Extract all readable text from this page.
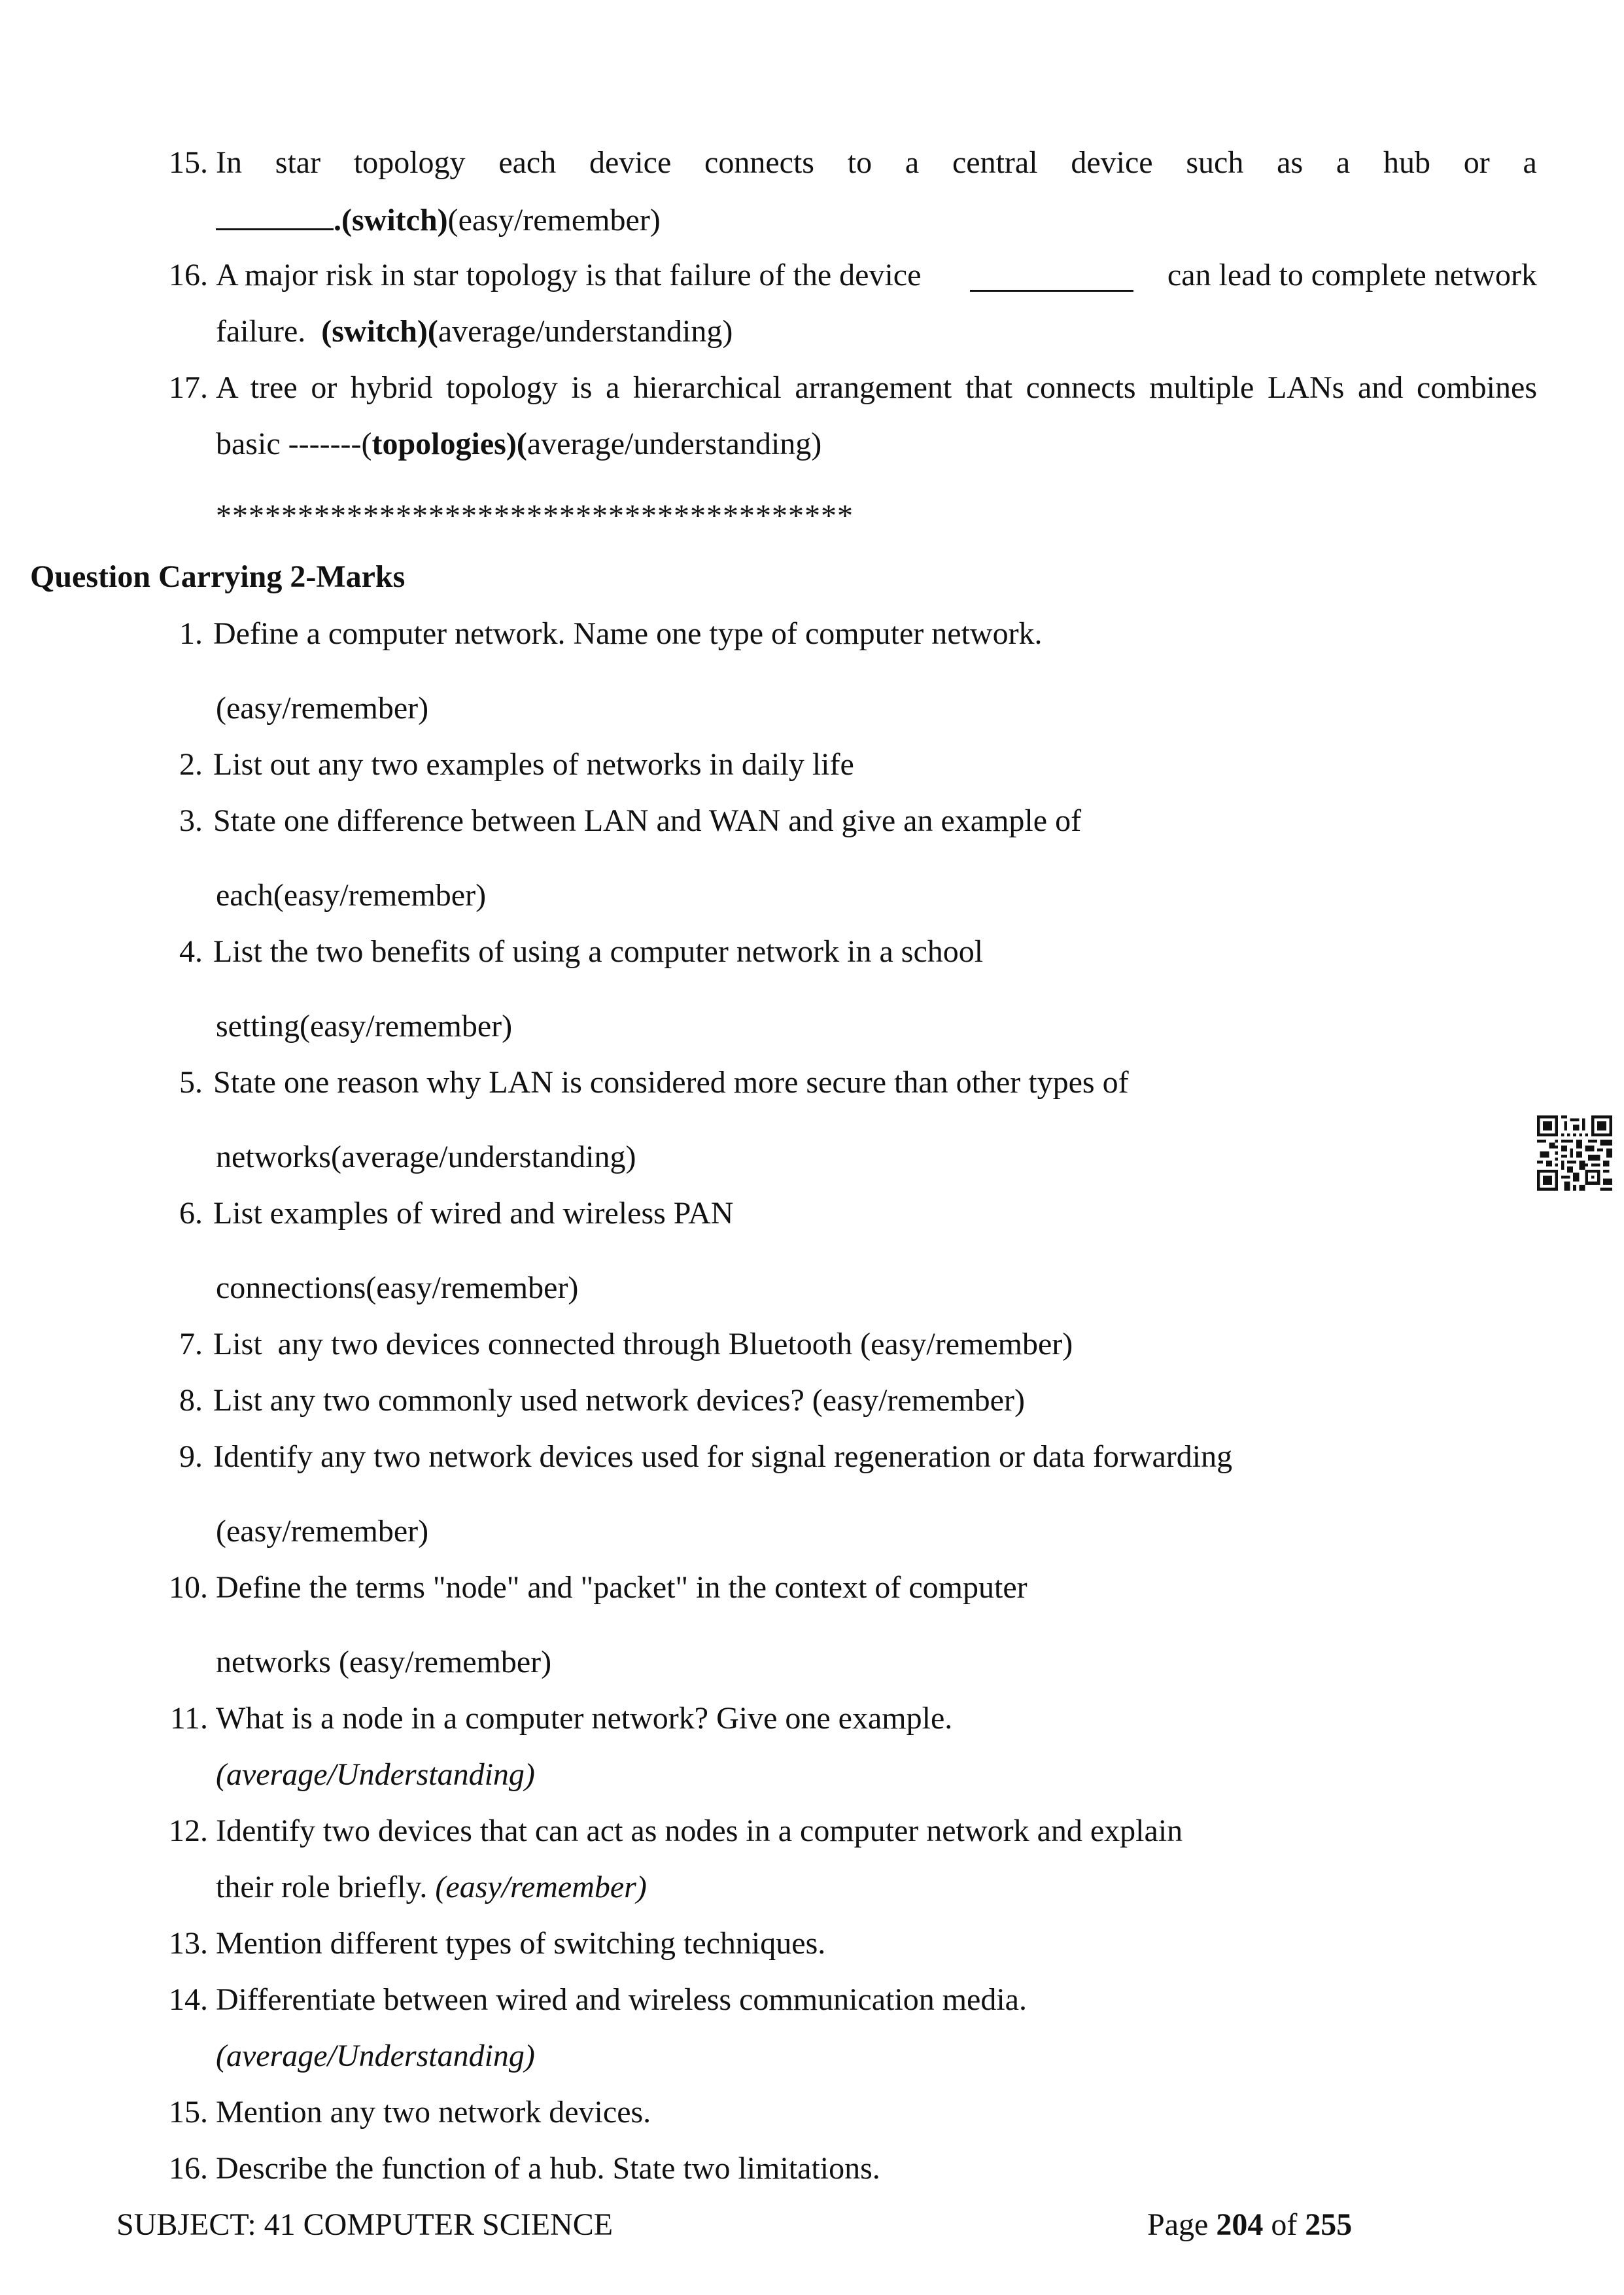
15. In star topology each device connects to a central device such as a hub or a
.(switch)(easy/remember)
16. A major risk in star topology is that failure of the device	can lead to complete network
failure. (switch)(average/understanding)
17. A tree or hybrid topology is a hierarchical arrangement that connects multiple LANs and combines
basic -------(topologies)(average/understanding)
***************************************
Question Carrying 2-Marks
1. Define a computer network. Name one type of computer network.
(easy/remember)
2. List out any two examples of networks in daily life
3. State one difference between LAN and WAN and give an example of
each(easy/remember)
4. List the two benefits of using a computer network in a school
setting(easy/remember)
5. State one reason why LAN is considered more secure than other types of
networks(average/understanding)
6. List examples of wired and wireless PAN
connections(easy/remember)
7. List  any two devices connected through Bluetooth (easy/remember)
8. List any two commonly used network devices? (easy/remember)
9. Identify any two network devices used for signal regeneration or data forwarding
(easy/remember)
10. Define the terms "node" and "packet" in the context of computer
networks (easy/remember)
11. What is a node in a computer network? Give one example.
(average/Understanding)
12. Identify two devices that can act as nodes in a computer network and explain
their role briefly. (easy/remember)
13. Mention different types of switching techniques.
14. Differentiate between wired and wireless communication media.
(average/Understanding)
15. Mention any two network devices.
16. Describe the function of a hub. State two limitations.
SUBJECT: 41 COMPUTER SCIENCE	Page 204 of 255
